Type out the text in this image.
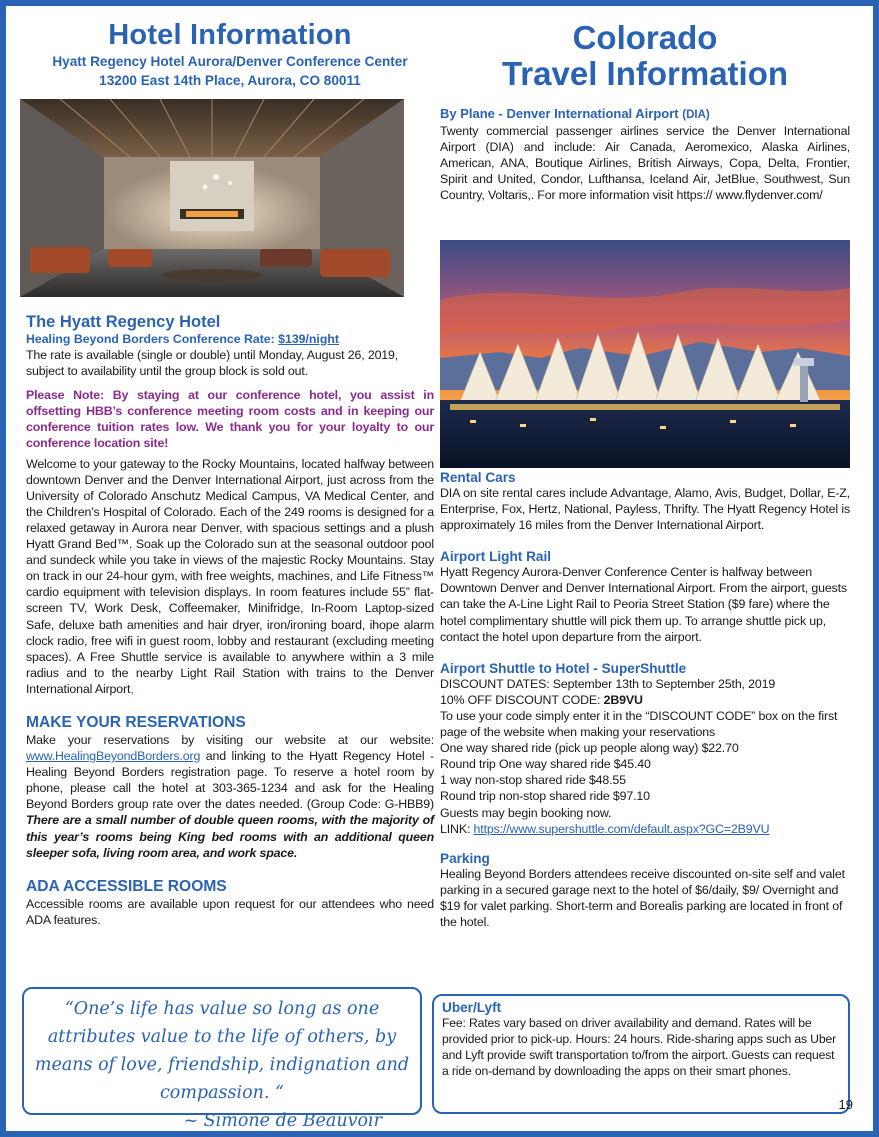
Hotel Information
Hyatt Regency Hotel Aurora/Denver Conference Center
13200 East 14th Place, Aurora, CO 80011
Colorado
Travel Information
The Hyatt Regency Hotel
Healing Beyond Borders Conference Rate: $139/night
The rate is available (single or double) until Monday, August 26, 2019, subject to availability until the group block is sold out.
Please Note: By staying at our conference hotel, you assist in offsetting HBB’s conference meeting room costs and in keeping our conference tuition rates low. We thank you for your loyalty to our conference location site!
Welcome to your gateway to the Rocky Mountains, located halfway between downtown Denver and the Denver International Airport, just across from the University of Colorado Anschutz Medical Campus, VA Medical Center, and the Children’s Hospital of Colorado. Each of the 249 rooms is designed for a relaxed getaway in Aurora near Denver, with spacious settings and a plush Hyatt Grand Bed™. Soak up the Colorado sun at the seasonal outdoor pool and sundeck while you take in views of the majestic Rocky Mountains. Stay on track in our 24-hour gym, with free weights, machines, and Life Fitness™ cardio equipment with television displays. In room features include 55” flat-screen TV, Work Desk, Coffeemaker, Minifridge, In-Room Laptop-sized Safe, deluxe bath amenities and hair dryer, iron/ironing board, ihope alarm clock radio, free wifi in guest room, lobby and restaurant (excluding meeting spaces). A Free Shuttle service is available to anywhere within a 3 mile radius and to the nearby Light Rail Station with trains to the Denver International Airport,
MAKE YOUR RESERVATIONS
Make your reservations by visiting our website at our website: www.HealingBeyondBorders.org and linking to the Hyatt Regency Hotel - Healing Beyond Borders registration page. To reserve a hotel room by phone, please call the hotel at 303-365-1234 and ask for the Healing Beyond Borders group rate over the dates needed. (Group Code: G-HBB9) There are a small number of double queen rooms, with the majority of this year’s rooms being King bed rooms with an additional queen sleeper sofa, living room area, and work space.
ADA ACCESSIBLE ROOMS
Accessible rooms are available upon request for our attendees who need ADA features.
“One’s life has value so long as one attributes value to the life of others, by means of love, friendship, indignation and compassion. “
~ Simone de Beauvoir
By Plane - Denver International Airport (DIA)
Twenty commercial passenger airlines service the Denver International Airport (DIA) and include: Air Canada, Aeromexico, Alaska Airlines, American, ANA, Boutique Airlines, British Airways, Copa, Delta, Frontier, Spirit and United, Condor, Lufthansa, Iceland Air, JetBlue, Southwest, Sun Country, Voltaris,. For more information visit https:// www.flydenver.com/
Rental Cars
DIA on site rental cares include Advantage, Alamo, Avis, Budget, Dollar, E-Z, Enterprise, Fox, Hertz, National, Payless, Thrifty. The Hyatt Regency Hotel is approximately 16 miles from the Denver International Airport.
Airport Light Rail
Hyatt Regency Aurora-Denver Conference Center is halfway between Downtown Denver and Denver International Airport. From the airport, guests can take the A-Line Light Rail to Peoria Street Station ($9 fare) where the hotel complimentary shuttle will pick them up. To arrange shuttle pick up, contact the hotel upon departure from the airport.
Airport Shuttle to Hotel - SuperShuttle
DISCOUNT DATES: September 13th to September 25th, 2019
10% OFF DISCOUNT CODE: 2B9VU
To use your code simply enter it in the “DISCOUNT CODE” box on the first page of the website when making your reservations
One way shared ride (pick up people along way) $22.70
Round trip One way shared ride $45.40
1 way non-stop shared ride $48.55
Round trip non-stop shared ride $97.10
Guests may begin booking now.
LINK: https://www.supershuttle.com/default.aspx?GC=2B9VU
Parking
Healing Beyond Borders attendees receive discounted on-site self and valet parking in a secured garage next to the hotel of $6/daily, $9/ Overnight and $19 for valet parking. Short-term and Borealis parking are located in front of the hotel.
Uber/Lyft
Fee: Rates vary based on driver availability and demand. Rates will be provided prior to pick-up. Hours: 24 hours. Ride-sharing apps such as Uber and Lyft provide swift transportation to/from the airport. Guests can request a ride on-demand by downloading the apps on their smart phones.
19
